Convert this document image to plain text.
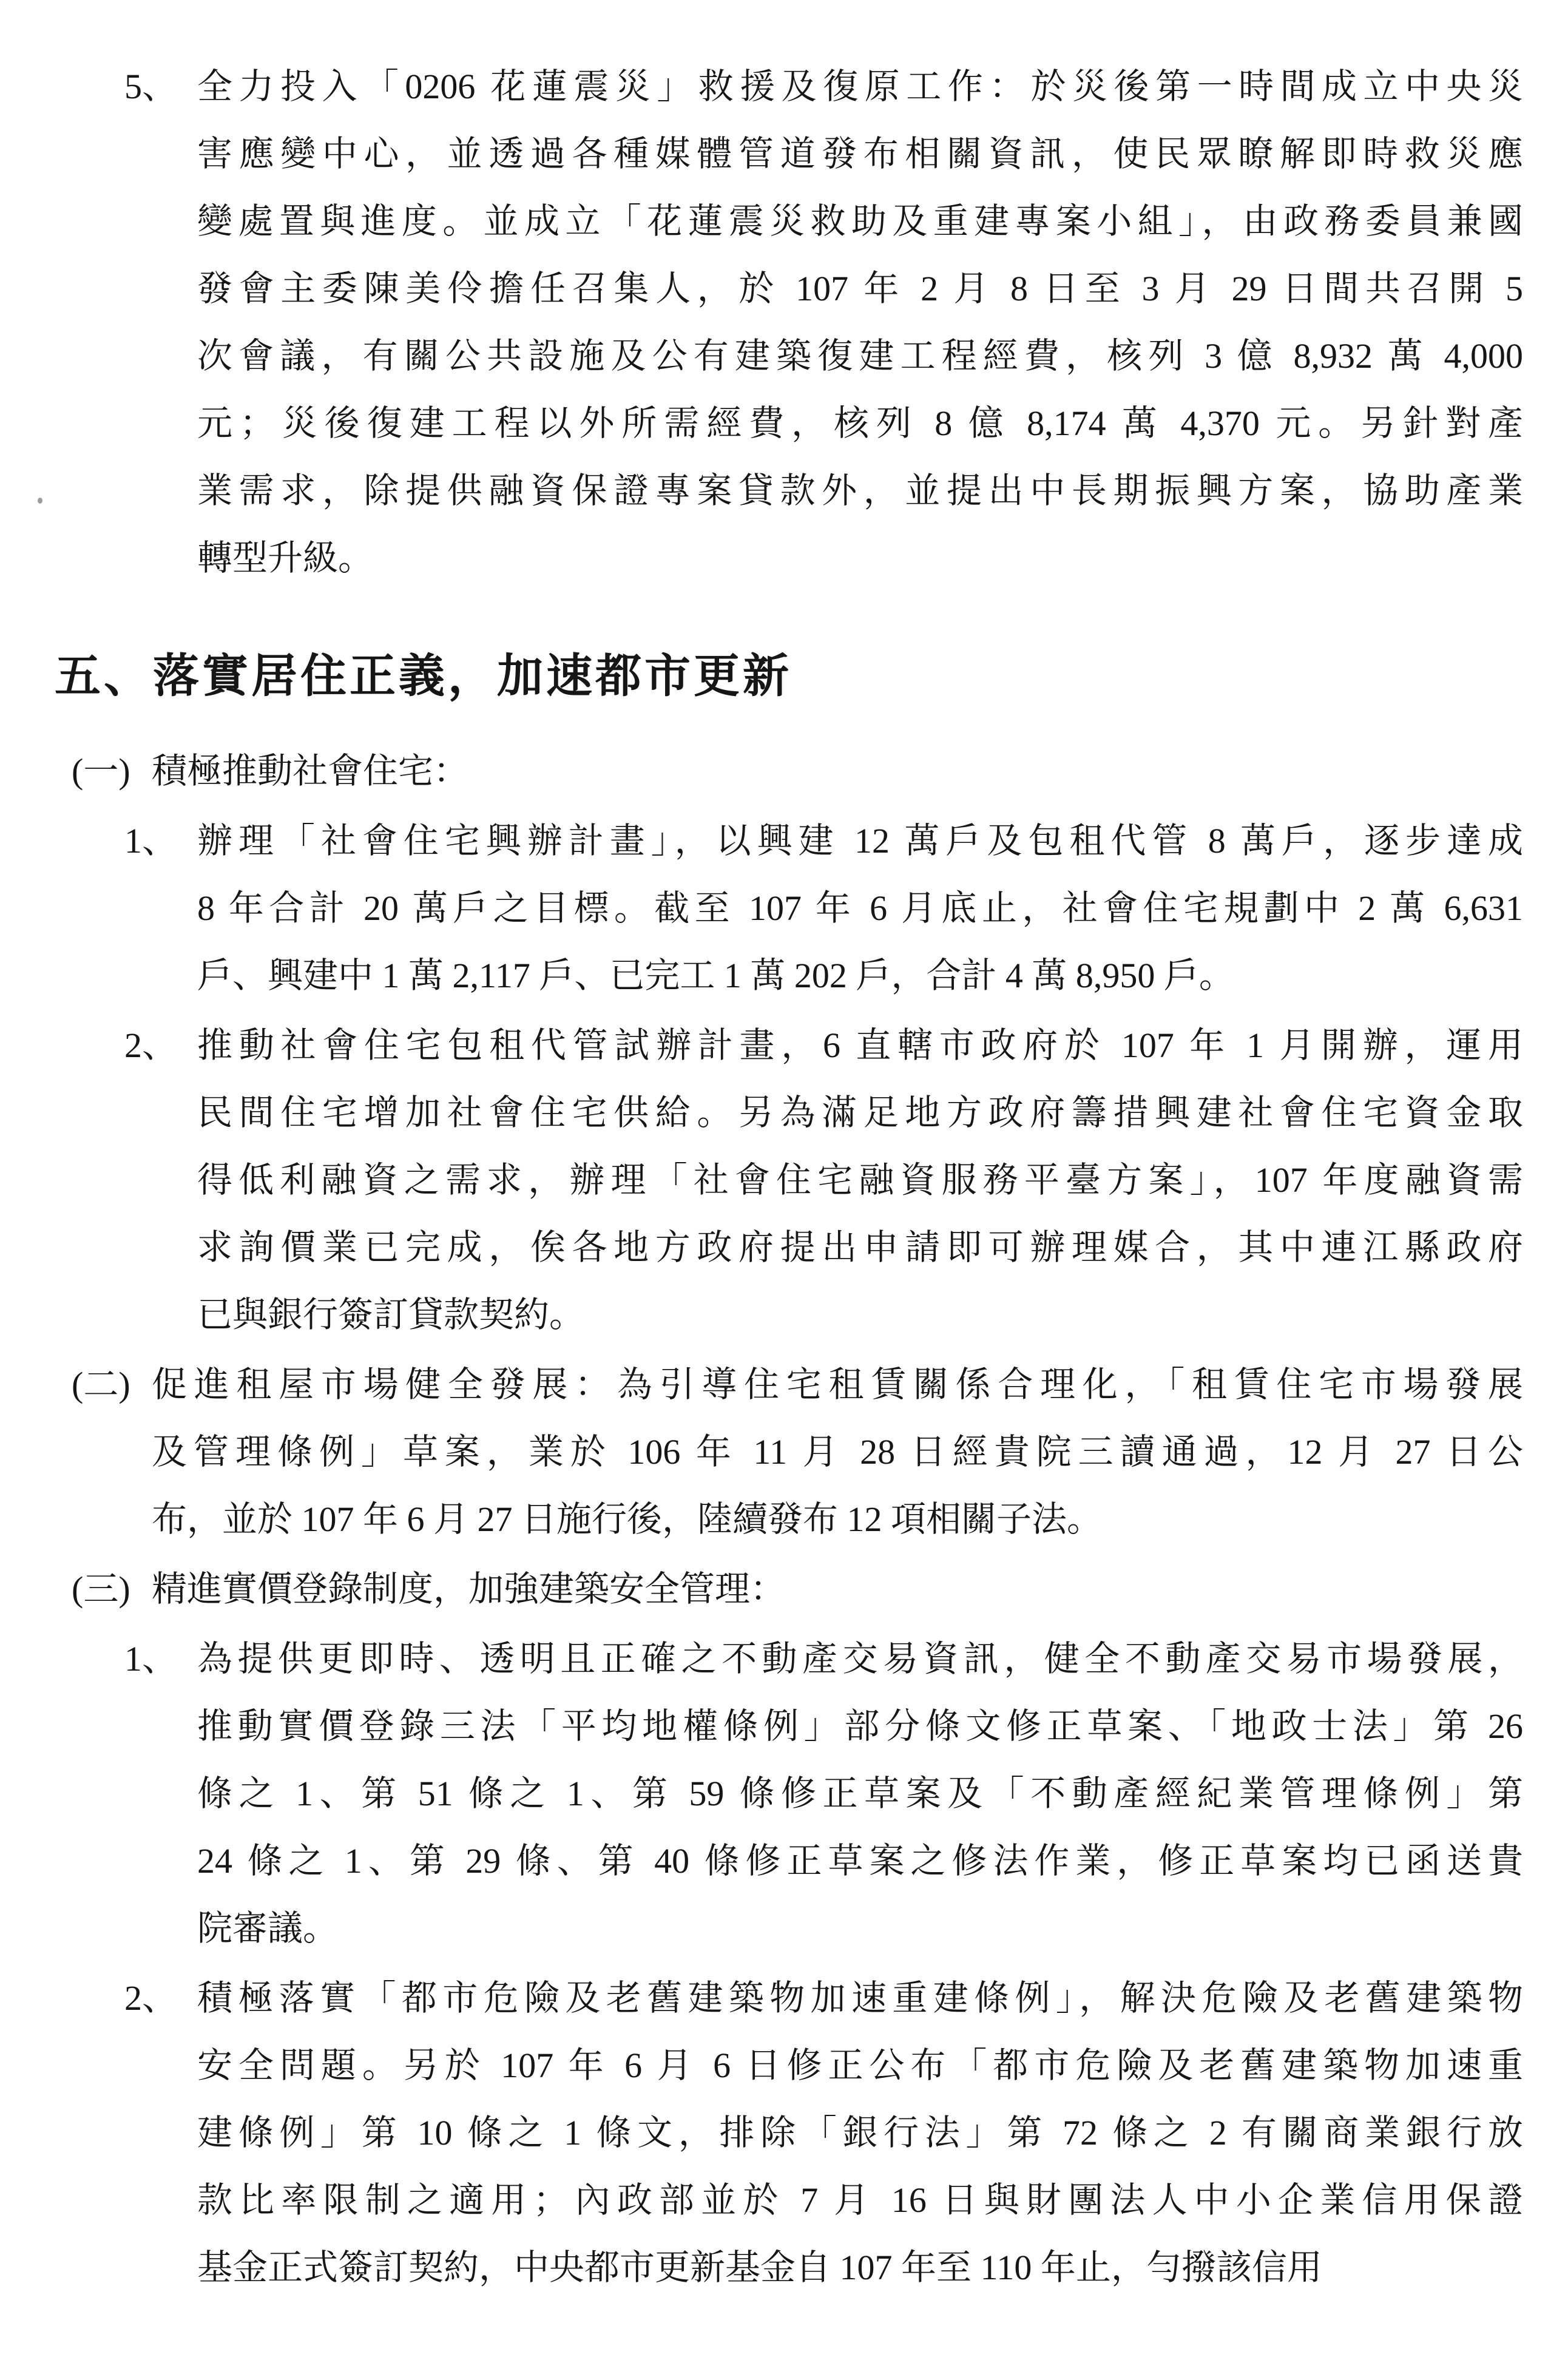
5、 全力投入「0206 花蓮震災」救援及復原工作：於災後第一時間成立中央災
害應變中心，並透過各種媒體管道發布相關資訊，使民眾瞭解即時救災應
變處置與進度。並成立「花蓮震災救助及重建專案小組」，由政務委員兼國
發會主委陳美伶擔任召集人，於 107 年 2 月 8 日至 3 月 29 日間共召開 5
次會議，有關公共設施及公有建築復建工程經費，核列 3 億 8,932 萬 4,000
元；災後復建工程以外所需經費，核列 8 億 8,174 萬 4,370 元。另針對產
業需求，除提供融資保證專案貸款外，並提出中長期振興方案，協助產業
轉型升級。
五、落實居住正義，加速都市更新
(一) 積極推動社會住宅：
1、 辦理「社會住宅興辦計畫」，以興建 12 萬戶及包租代管 8 萬戶，逐步達成
8 年合計 20 萬戶之目標。截至 107 年 6 月底止，社會住宅規劃中 2 萬 6,631
戶、興建中 1 萬 2,117 戶、已完工 1 萬 202 戶，合計 4 萬 8,950 戶。
2、 推動社會住宅包租代管試辦計畫，6 直轄市政府於 107 年 1 月開辦，運用
民間住宅增加社會住宅供給。另為滿足地方政府籌措興建社會住宅資金取
得低利融資之需求，辦理「社會住宅融資服務平臺方案」，107 年度融資需
求詢價業已完成，俟各地方政府提出申請即可辦理媒合，其中連江縣政府
已與銀行簽訂貸款契約。
(二) 促進租屋市場健全發展：為引導住宅租賃關係合理化，「租賃住宅市場發展
及管理條例」草案，業於 106 年 11 月 28 日經貴院三讀通過，12 月 27 日公
布，並於 107 年 6 月 27 日施行後，陸續發布 12 項相關子法。
(三) 精進實價登錄制度，加強建築安全管理：
1、 為提供更即時、透明且正確之不動產交易資訊，健全不動產交易市場發展，
推動實價登錄三法「平均地權條例」部分條文修正草案、「地政士法」第 26
條之 1、第 51 條之 1、第 59 條修正草案及「不動產經紀業管理條例」第
24 條之 1、第 29 條、第 40 條修正草案之修法作業，修正草案均已函送貴
院審議。
2、 積極落實「都市危險及老舊建築物加速重建條例」，解決危險及老舊建築物
安全問題。另於 107 年 6 月 6 日修正公布「都市危險及老舊建築物加速重
建條例」第 10 條之 1 條文，排除「銀行法」第 72 條之 2 有關商業銀行放
款比率限制之適用；內政部並於 7 月 16 日與財團法人中小企業信用保證
基金正式簽訂契約，中央都市更新基金自 107 年至 110 年止，勻撥該信用
